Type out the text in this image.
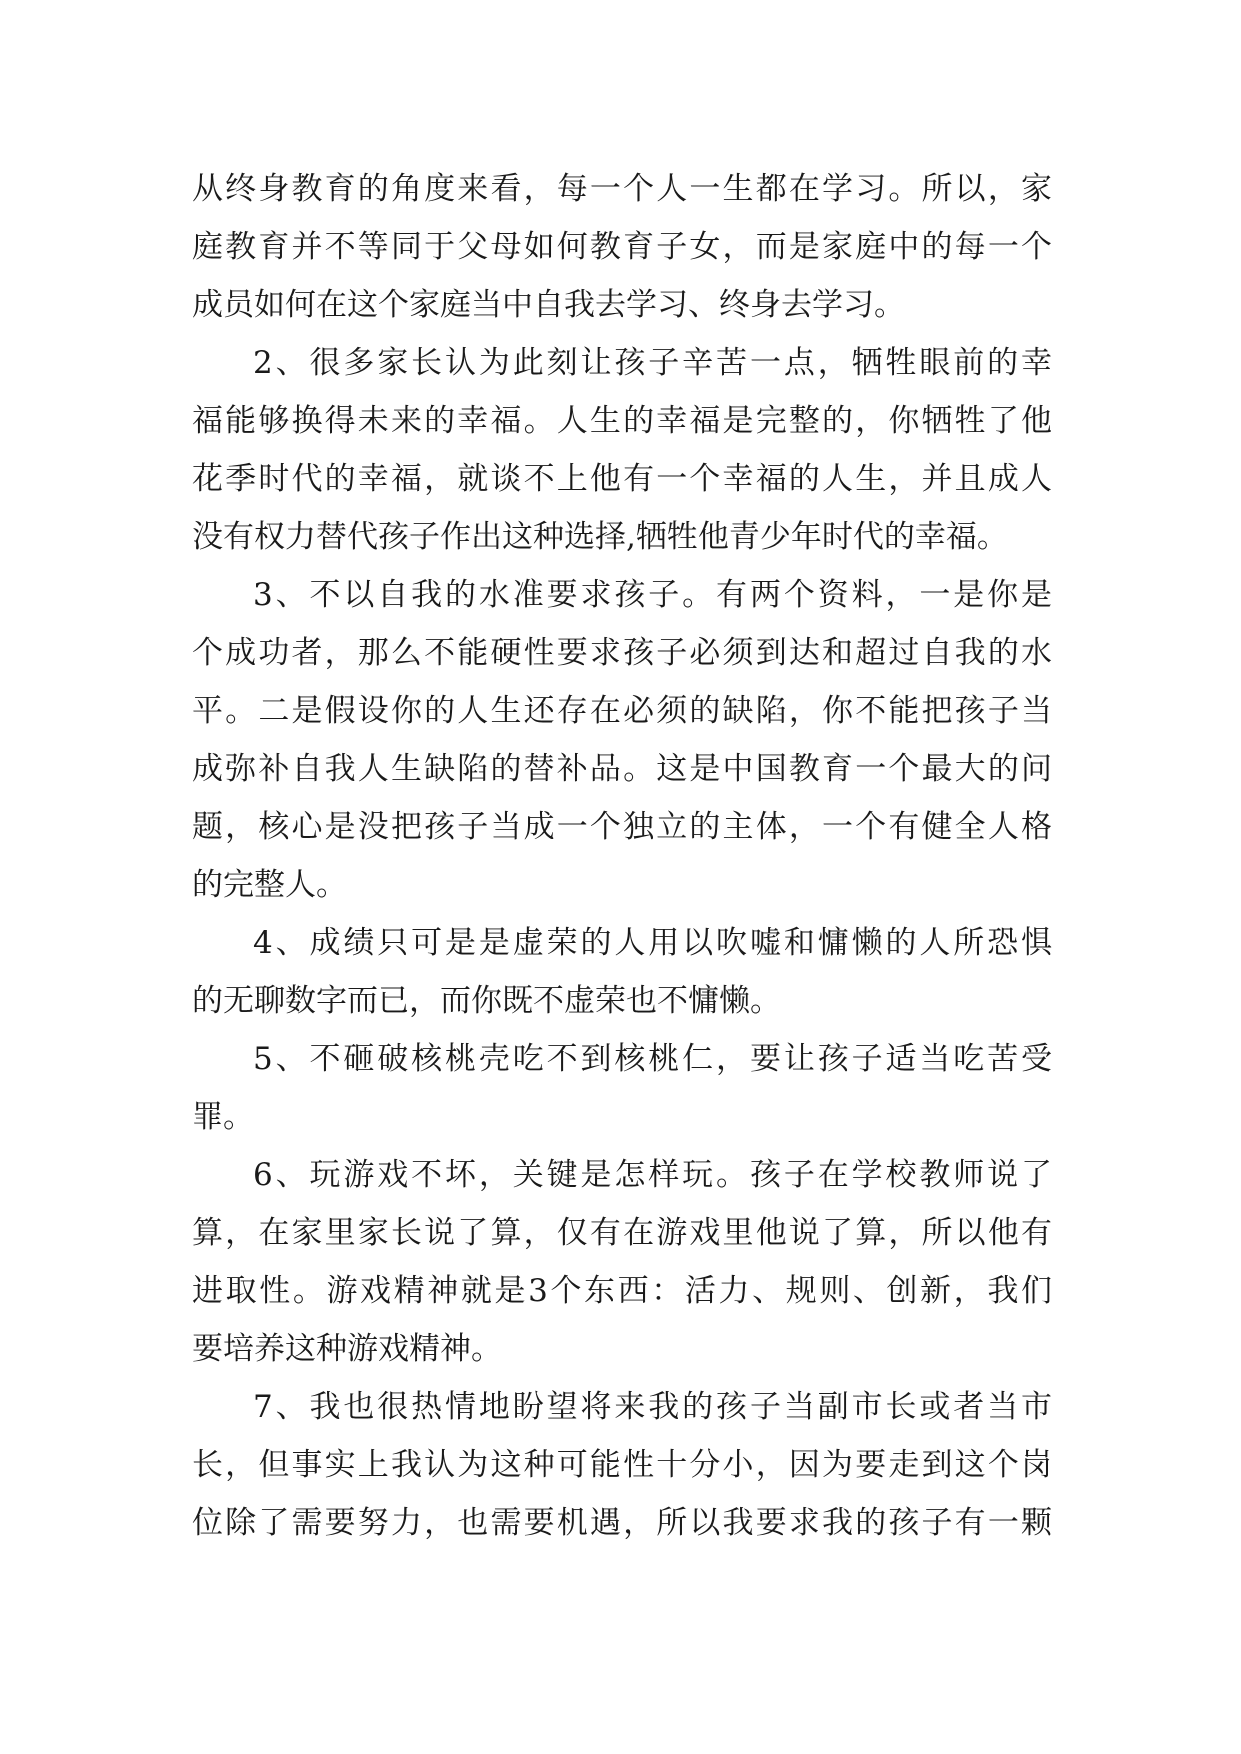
从终身教育的角度来看，每一个人一生都在学习。所以，家
庭教育并不等同于父母如何教育子女，而是家庭中的每一个
成员如何在这个家庭当中自我去学习、终身去学习。
2、很多家长认为此刻让孩子辛苦一点，牺牲眼前的幸
福能够换得未来的幸福。人生的幸福是完整的，你牺牲了他
花季时代的幸福，就谈不上他有一个幸福的人生，并且成人
没有权力替代孩子作出这种选择,牺牲他青少年时代的幸福。
3、不以自我的水准要求孩子。有两个资料，一是你是
个成功者，那么不能硬性要求孩子必须到达和超过自我的水
平。二是假设你的人生还存在必须的缺陷，你不能把孩子当
成弥补自我人生缺陷的替补品。这是中国教育一个最大的问
题，核心是没把孩子当成一个独立的主体，一个有健全人格
的完整人。
4、成绩只可是是虚荣的人用以吹嘘和慵懒的人所恐惧
的无聊数字而已，而你既不虚荣也不慵懒。
5、不砸破核桃壳吃不到核桃仁，要让孩子适当吃苦受
罪。
6、玩游戏不坏，关键是怎样玩。孩子在学校教师说了
算，在家里家长说了算，仅有在游戏里他说了算，所以他有
进取性。游戏精神就是3个东西：活力、规则、创新，我们
要培养这种游戏精神。
7、我也很热情地盼望将来我的孩子当副市长或者当市
长，但事实上我认为这种可能性十分小，因为要走到这个岗
位除了需要努力，也需要机遇，所以我要求我的孩子有一颗
